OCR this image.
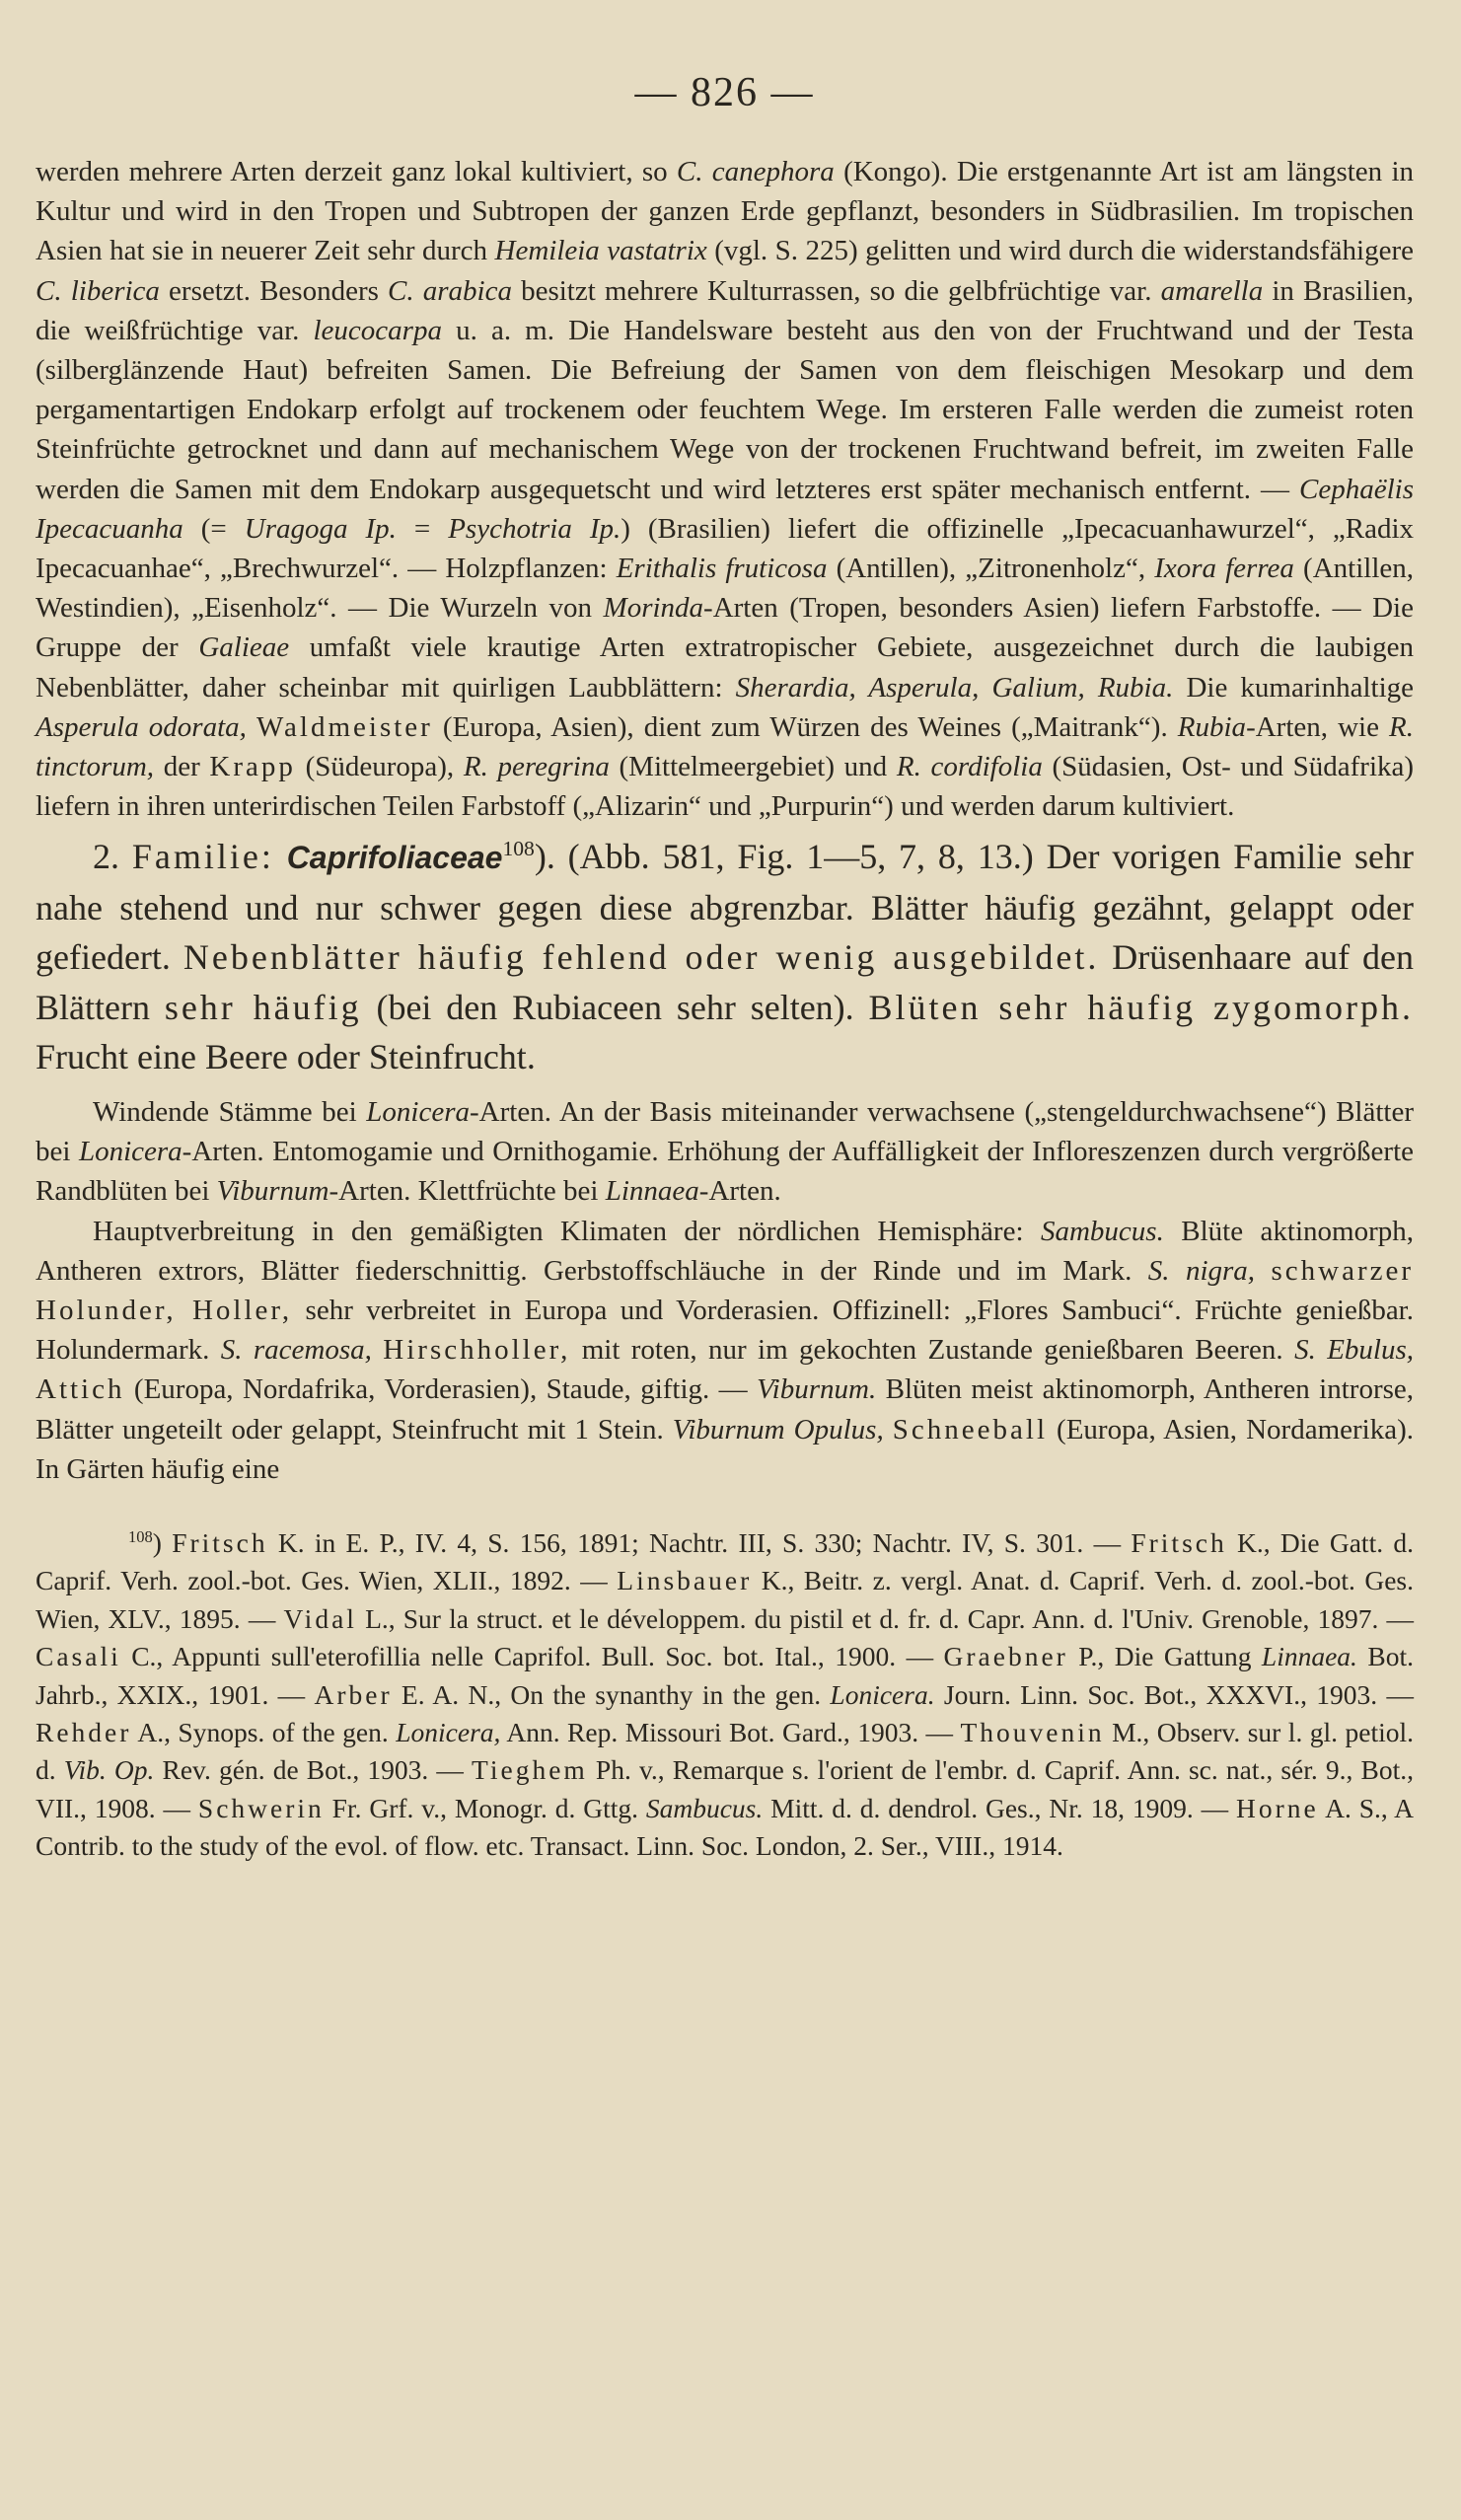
— 826 —

werden mehrere Arten derzeit ganz lokal kultiviert, so C. canephora (Kongo). Die erstgenannte Art ist am längsten in Kultur und wird in den Tropen und Subtropen der ganzen Erde gepflanzt, besonders in Südbrasilien. Im tropischen Asien hat sie in neuerer Zeit sehr durch Hemileia vastatrix (vgl. S. 225) gelitten und wird durch die widerstandsfähigere C. liberica ersetzt. Besonders C. arabica besitzt mehrere Kulturrassen, so die gelbfrüchtige var. amarella in Brasilien, die weißfrüchtige var. leucocarpa u. a. m. Die Handelsware besteht aus den von der Fruchtwand und der Testa (silberglänzende Haut) befreiten Samen. Die Befreiung der Samen von dem fleischigen Mesokarp und dem pergamentartigen Endokarp erfolgt auf trockenem oder feuchtem Wege. Im ersteren Falle werden die zumeist roten Steinfrüchte getrocknet und dann auf mechanischem Wege von der trockenen Fruchtwand befreit, im zweiten Falle werden die Samen mit dem Endokarp ausgequetscht und wird letzteres erst später mechanisch entfernt. — Cephaëlis Ipecacuanha (= Uragoga Ip. = Psychotria Ip.) (Brasilien) liefert die offizinelle „Ipecacuanhawurzel“, „Radix Ipecacuanhae“, „Brechwurzel“. — Holzpflanzen: Erithalis fruticosa (Antillen), „Zitronenholz“, Ixora ferrea (Antillen, Westindien), „Eisenholz“. — Die Wurzeln von Morinda-Arten (Tropen, besonders Asien) liefern Farbstoffe. — Die Gruppe der Galieae umfaßt viele krautige Arten extratropischer Gebiete, ausgezeichnet durch die laubigen Nebenblätter, daher scheinbar mit quirligen Laubblättern: Sherardia, Asperula, Galium, Rubia. Die kumarinhaltige Asperula odorata, Waldmeister (Europa, Asien), dient zum Würzen des Weines („Maitrank“). Rubia-Arten, wie R. tinctorum, der Krapp (Südeuropa), R. peregrina (Mittelmeergebiet) und R. cordifolia (Südasien, Ost- und Südafrika) liefern in ihren unterirdischen Teilen Farbstoff („Alizarin“ und „Purpurin“) und werden darum kultiviert.

2. Familie: Caprifoliaceae$^{108}$). (Abb. 581, Fig. 1—5, 7, 8, 13.) Der vorigen Familie sehr nahe stehend und nur schwer gegen diese abgrenzbar. Blätter häufig gezähnt, gelappt oder gefiedert. Nebenblätter häufig fehlend oder wenig ausgebildet. Drüsenhaare auf den Blättern sehr häufig (bei den Rubiaceen sehr selten). Blüten sehr häufig zygomorph. Frucht eine Beere oder Steinfrucht.

Windende Stämme bei Lonicera-Arten. An der Basis miteinander verwachsene („stengeldurchwachsene“) Blätter bei Lonicera-Arten. Entomogamie und Ornithogamie. Erhöhung der Auffälligkeit der Infloreszenzen durch vergrößerte Randblüten bei Viburnum-Arten. Klettfrüchte bei Linnaea-Arten.

Hauptverbreitung in den gemäßigten Klimaten der nördlichen Hemisphäre: Sambucus. Blüte aktinomorph, Antheren extrors, Blätter fiederschnittig. Gerbstoffschläuche in der Rinde und im Mark. S. nigra, schwarzer Holunder, Holler, sehr verbreitet in Europa und Vorderasien. Offizinell: „Flores Sambuci“. Früchte genießbar. Holundermark. S. racemosa, Hirschholler, mit roten, nur im gekochten Zustande genießbaren Beeren. S. Ebulus, Attich (Europa, Nordafrika, Vorderasien), Staude, giftig. — Viburnum. Blüten meist aktinomorph, Antheren introrse, Blätter ungeteilt oder gelappt, Steinfrucht mit 1 Stein. Viburnum Opulus, Schneeball (Europa, Asien, Nordamerika). In Gärten häufig eine

$^{108}$) Fritsch K. in E. P., IV. 4, S. 156, 1891; Nachtr. III, S. 330; Nachtr. IV, S. 301. — Fritsch K., Die Gatt. d. Caprif. Verh. zool.-bot. Ges. Wien, XLII., 1892. — Linsbauer K., Beitr. z. vergl. Anat. d. Caprif. Verh. d. zool.-bot. Ges. Wien, XLV., 1895. — Vidal L., Sur la struct. et le développem. du pistil et d. fr. d. Capr. Ann. d. l'Univ. Grenoble, 1897. — Casali C., Appunti sull'eterofillia nelle Caprifol. Bull. Soc. bot. Ital., 1900. — Graebner P., Die Gattung Linnaea. Bot. Jahrb., XXIX., 1901. — Arber E. A. N., On the synanthy in the gen. Lonicera. Journ. Linn. Soc. Bot., XXXVI., 1903. — Rehder A., Synops. of the gen. Lonicera, Ann. Rep. Missouri Bot. Gard., 1903. — Thouvenin M., Observ. sur l. gl. petiol. d. Vib. Op. Rev. gén. de Bot., 1903. — Tieghem Ph. v., Remarque s. l'orient de l'embr. d. Caprif. Ann. sc. nat., sér. 9., Bot., VII., 1908. — Schwerin Fr. Grf. v., Monogr. d. Gttg. Sambucus. Mitt. d. d. dendrol. Ges., Nr. 18, 1909. — Horne A. S., A Contrib. to the study of the evol. of flow. etc. Transact. Linn. Soc. London, 2. Ser., VIII., 1914.
